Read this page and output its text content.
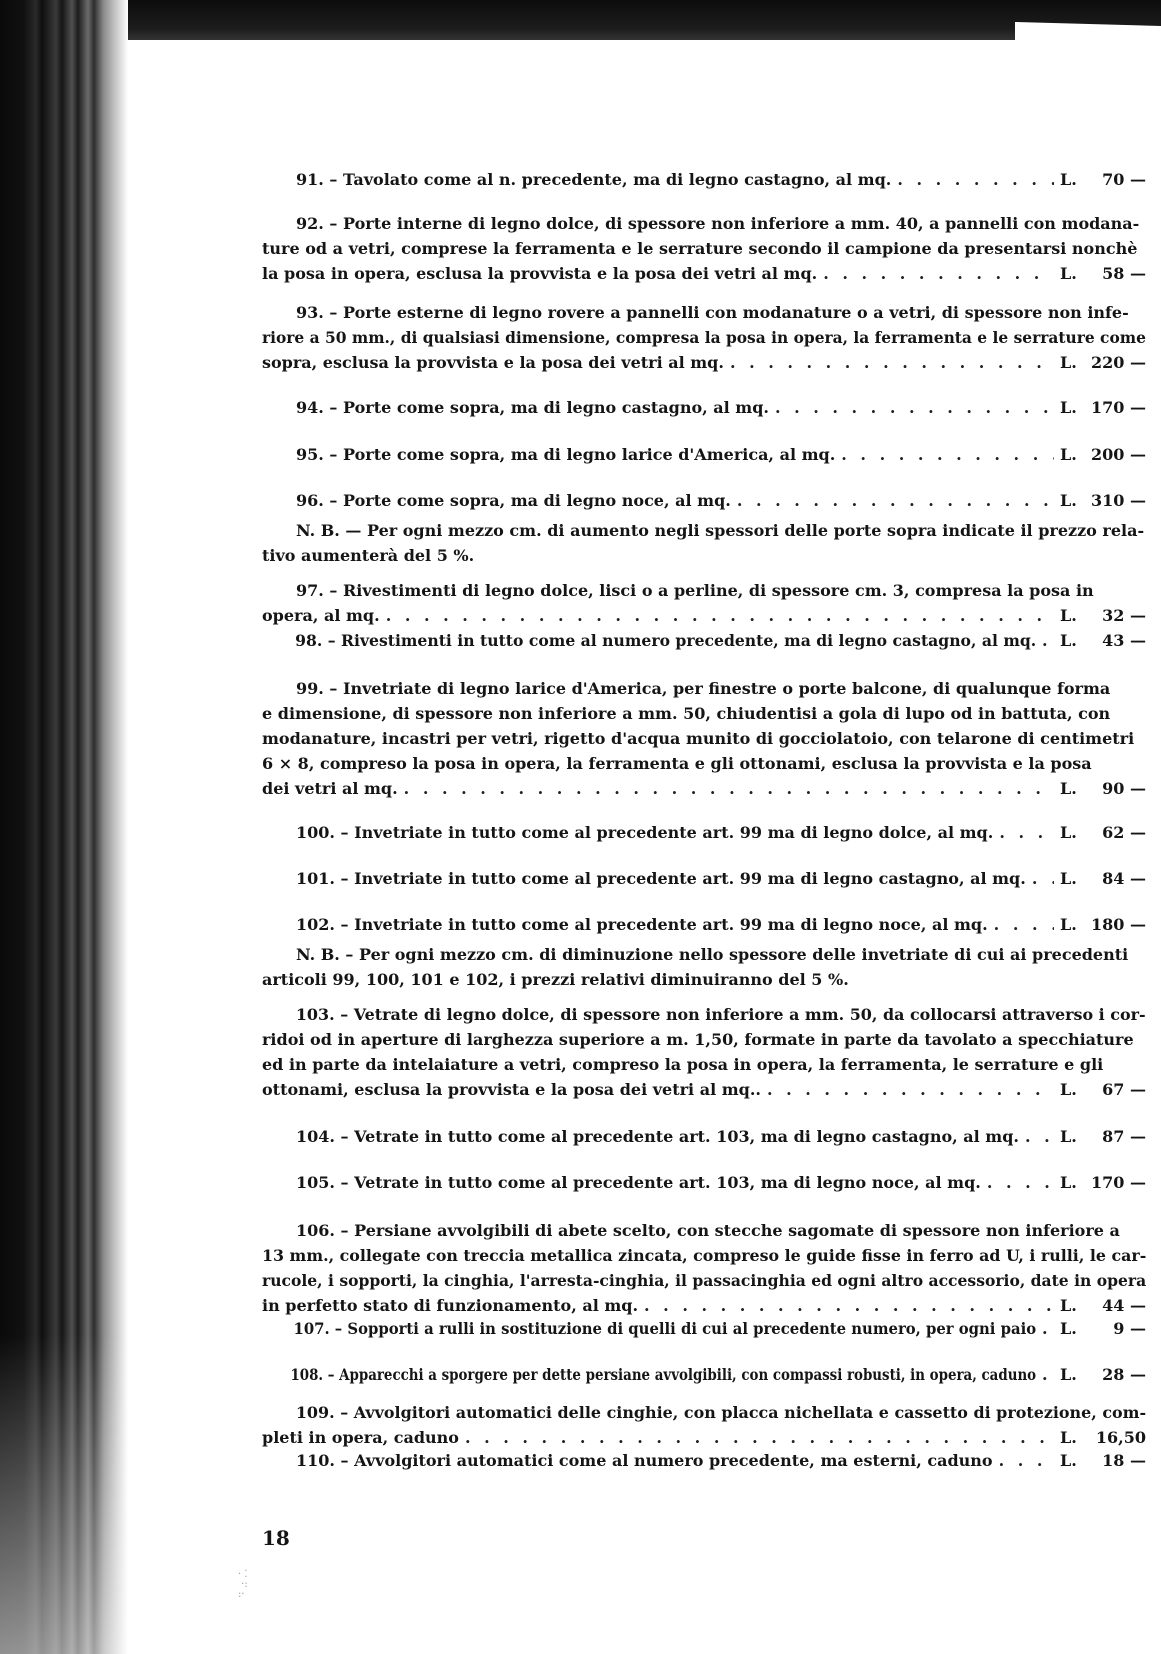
91. – Tavolato come al n. precedente, ma di legno castagno, al mq. . . .	L.	70 —
92. – Porte interne di legno dolce, di spessore non inferiore a mm. 40, a pannelli con modana-
ture od a vetri, comprese la ferramenta e le serrature secondo il campione da presentarsi nonchè
la posa in opera, esclusa la provvista e la posa dei vetri al mq. . . .	L.	58 —
93. – Porte esterne di legno rovere a pannelli con modanature o a vetri, di spessore non infe-
riore a 50 mm., di qualsiasi dimensione, compresa la posa in opera, la ferramenta e le serrature come
sopra, esclusa la provvista e la posa dei vetri al mq. . . .	L. 220 —
94. – Porte come sopra, ma di legno castagno, al mq. . . .	L. 170 —
95. – Porte come sopra, ma di legno larice d'America, al mq. . . .	L. 200 —
96. – Porte come sopra, ma di legno noce, al mq. . . .	L. 310 —
N. B. — Per ogni mezzo cm. di aumento negli spessori delle porte sopra indicate il prezzo rela-
tivo aumenterà del 5 %.
97. – Rivestimenti di legno dolce, lisci o a perline, di spessore cm. 3, compresa la posa in
opera, al mq. . . .	L.	32 —
98. – Rivestimenti in tutto come al numero precedente, ma di legno castagno, al mq. . . . L.	43 —
99. – Invetriate di legno larice d'America, per finestre o porte balcone, di qualunque forma
e dimensione, di spessore non inferiore a mm. 50, chiudentisi a gola di lupo od in battuta, con
modanature, incastri per vetri, rigetto d'acqua munito di gocciolatoio, con telarone di centimetri
6 × 8, compreso la posa in opera, la ferramenta e gli ottonami, esclusa la provvista e la posa
dei vetri al mq. . . .	L.	90 —
100. – Invetriate in tutto come al precedente art. 99 ma di legno dolce, al mq. . . .	L.	62 —
101. – Invetriate in tutto come al precedente art. 99 ma di legno castagno, al mq. . . . L.	84 —
102. – Invetriate in tutto come al precedente art. 99 ma di legno noce, al mq. . . .	L. 180 —
N. B. – Per ogni mezzo cm. di diminuzione nello spessore delle invetriate di cui ai precedenti
articoli 99, 100, 101 e 102, i prezzi relativi diminuiranno del 5 %.
103. – Vetrate di legno dolce, di spessore non inferiore a mm. 50, da collocarsi attraverso i cor-
ridoi od in aperture di larghezza superiore a m. 1,50, formate in parte da tavolato a specchiature
ed in parte da intelaiature a vetri, compreso la posa in opera, la ferramenta, le serrature e gli
ottonami, esclusa la provvista e la posa dei vetri al mq.. . . .	L.	67 —
104. – Vetrate in tutto come al precedente art. 103, ma di legno castagno, al mq. . . .	L.	87 —
105. – Vetrate in tutto come al precedente art. 103, ma di legno noce, al mq. . . .	L. 170 —
106. – Persiane avvolgibili di abete scelto, con stecche sagomate di spessore non inferiore a
13 mm., collegate con treccia metallica zincata, compreso le guide fisse in ferro ad U, i rulli, le car-
rucole, i sopporti, la cinghia, l'arresta-cinghia, il passacinghia ed ogni altro accessorio, date in opera
in perfetto stato di funzionamento, al mq. . . .	L.	44 —
107. – Sopporti a rulli in sostituzione di quelli di cui al precedente numero, per ogni paio . . . L.	9 —
108. – Apparecchi a sporgere per dette persiane avvolgibili, con compassi robusti, in opera, caduno . . . L.	28 —
109. – Avvolgitori automatici delle cinghie, con placca nichellata e cassetto di protezione, com-
pleti in opera, caduno . . .	L.	16,50
110. – Avvolgitori automatici come al numero precedente, ma esterni, caduno . . .	L.	18 —
18
· ⁚
·:
:·
